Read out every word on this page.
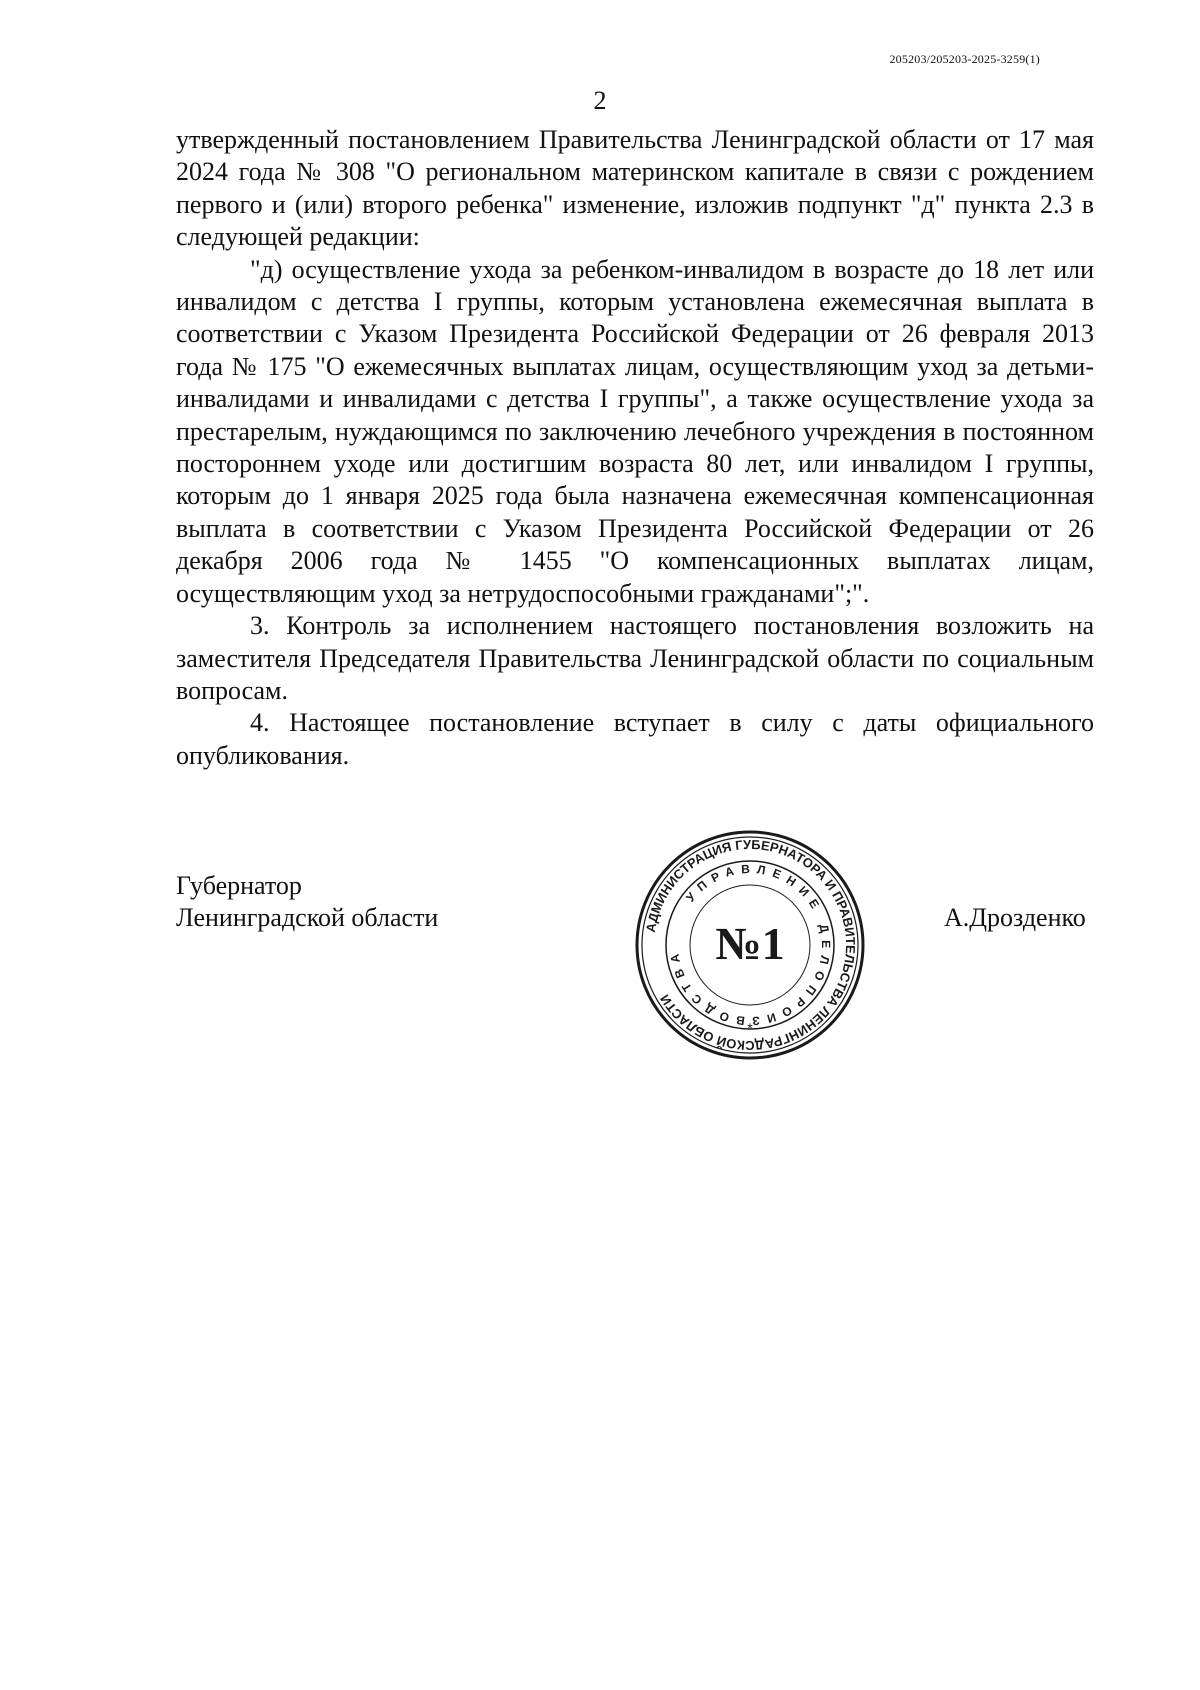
205203/205203-2025-3259(1)
2

утвержденный постановлением Правительства Ленинградской области от 17 мая 2024 года № 308 "О региональном материнском капитале в связи с рождением первого и (или) второго ребенка" изменение, изложив подпункт "д" пункта 2.3 в следующей редакции:

"д) осуществление ухода за ребенком-инвалидом в возрасте до 18 лет или инвалидом с детства I группы, которым установлена ежемесячная выплата в соответствии с Указом Президента Российской Федерации от 26 февраля 2013 года № 175 "О ежемесячных выплатах лицам, осуществляющим уход за детьми-инвалидами и инвалидами с детства I группы", а также осуществление ухода за престарелым, нуждающимся по заключению лечебного учреждения в постоянном постороннем уходе или достигшим возраста 80 лет, или инвалидом I группы, которым до 1 января 2025 года была назначена ежемесячная компенсационная выплата в соответствии с Указом Президента Российской Федерации от 26 декабря 2006 года № 1455 "О компенсационных выплатах лицам, осуществляющим уход за нетрудоспособными гражданами";".

3. Контроль за исполнением настоящего постановления возложить на заместителя Председателя Правительства Ленинградской области по социальным вопросам.

4. Настоящее постановление вступает в силу с даты официального опубликования.

Губернатор
Ленинградской области	А.Дрозденко
АДМИНИСТРАЦИЯ ГУБЕРНАТОРА И ПРАВИТЕЛЬСТВА ЛЕНИНГРАДСКОЙ ОБЛАСТИ
УПРАВЛЕНИЕ ДЕЛОПРОИЗВОДСТВА №1
*
